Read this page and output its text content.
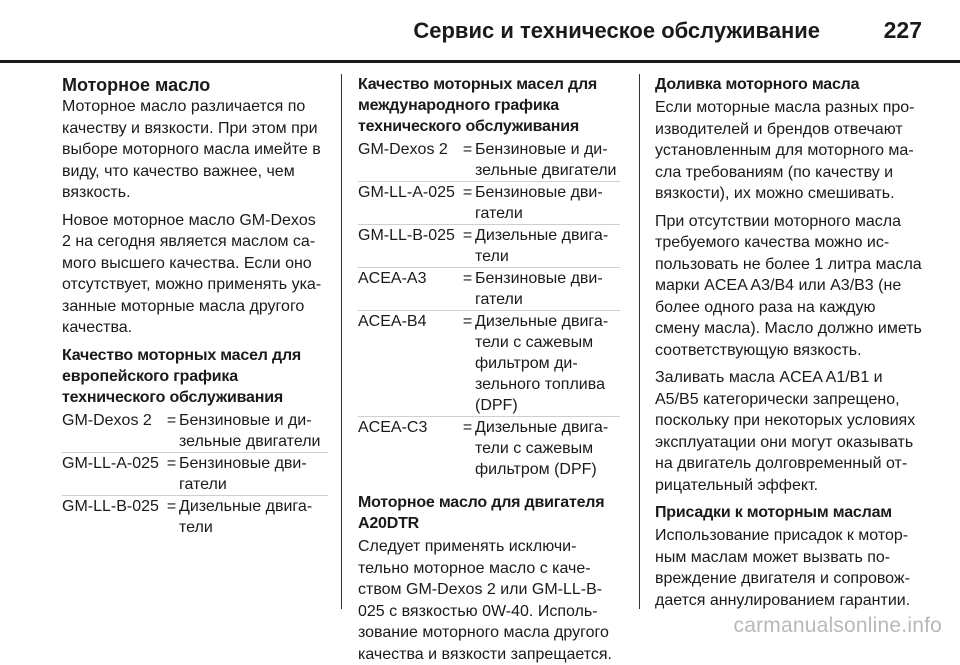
Сервис и техническое обслуживание	227
Моторное масло

Моторное масло различается по качеству и вязкости. При этом при выборе моторного масла имейте в виду, что качество важнее, чем вязкость.

Новое моторное масло GM-Dexos 2 на сегодня является маслом самого высшего качества. Если оно отсутствует, можно применять указанные моторные масла другого качества.

Качество моторных масел для европейского графика технического обслуживания
GM-Dexos 2 = Бензиновые и дизельные двигатели
GM-LL-A-025 = Бензиновые двигатели
GM-LL-B-025 = Дизельные двигатели
Качество моторных масел для международного графика технического обслуживания
GM-Dexos 2 = Бензиновые и дизельные двигатели
GM-LL-A-025 = Бензиновые двигатели
GM-LL-B-025 = Дизельные двигатели
ACEA-A3	= Бензиновые двигатели
ACEA-B4	= Дизельные двигатели с сажевым фильтром дизельного топлива (DPF)
ACEA-C3	= Дизельные двигатели с сажевым фильтром (DPF)
Моторное масло для двигателя A20DTR

Следует применять исключительно моторное масло с качеством GM-Dexos 2 или GM-LL-B-025 с вязкостью 0W-40. Использование моторного масла другого качества и вязкости запрещается.

Доливка моторного масла

Если моторные масла разных производителей и брендов отвечают установленным для моторного масла требованиям (по качеству и вязкости), их можно смешивать.

При отсутствии моторного масла требуемого качества можно использовать не более 1 литра масла марки ACEA A3/B4 или A3/B3 (не более одного раза на каждую смену масла). Масло должно иметь соответствующую вязкость.

Заливать масла ACEA A1/B1 и A5/B5 категорически запрещено, поскольку при некоторых условиях эксплуатации они могут оказывать на двигатель долговременный отрицательный эффект.

Присадки к моторным маслам

Использование присадок к моторным маслам может вызвать повреждение двигателя и сопровождается аннулированием гарантии.

carmanualsonline.info
